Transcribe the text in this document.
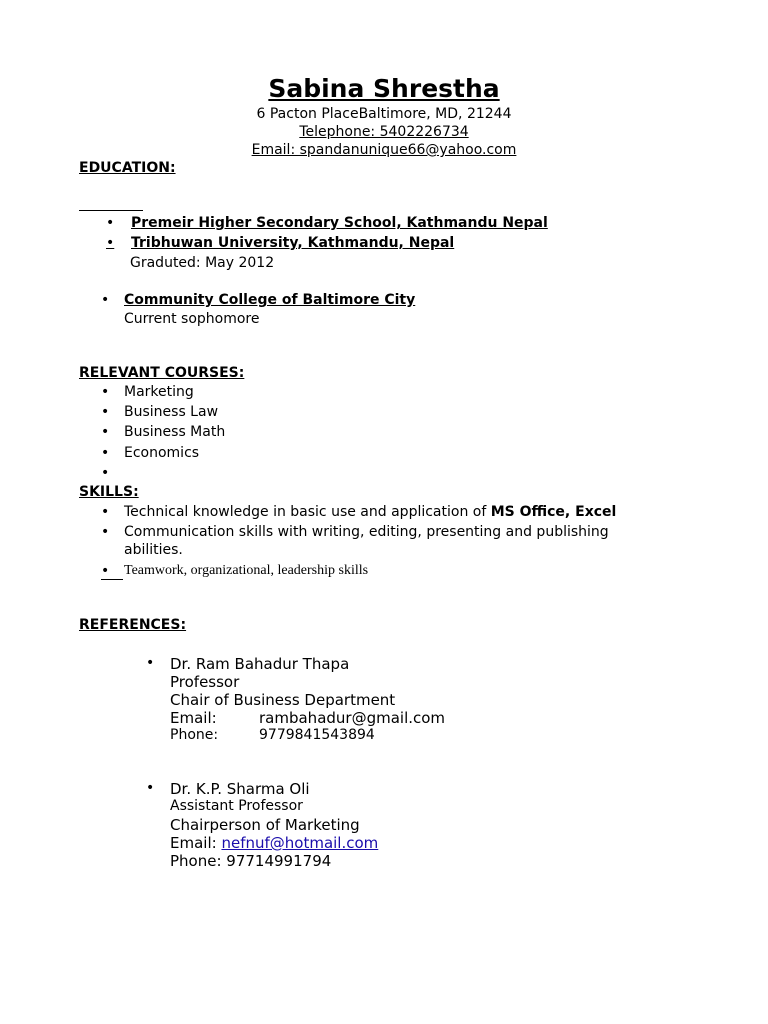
Sabina Shrestha
6 Pacton PlaceBaltimore, MD, 21244
Telephone: 5402226734
Email: spandanunique66@yahoo.com
EDUCATION:
• Premeir Higher Secondary School, Kathmandu Nepal
• Tribhuwan University, Kathmandu, Nepal
Graduted: May 2012
• Community College of Baltimore City
Current sophomore
RELEVANT COURSES:
• Marketing
• Business Law
• Business Math
• Economics
•
SKILLS:
• Technical knowledge in basic use and application of MS Office, Excel
• Communication skills with writing, editing, presenting and publishing
abilities.
•	Teamwork, organizational, leadership skills
REFERENCES:
• Dr. Ram Bahadur Thapa
Professor
Chair of Business Department
Email:	rambahadur@gmail.com
Phone:	9779841543894
• Dr. K.P. Sharma Oli
Assistant Professor
Chairperson of Marketing
Email: nefnuf@hotmail.com
Phone: 97714991794
